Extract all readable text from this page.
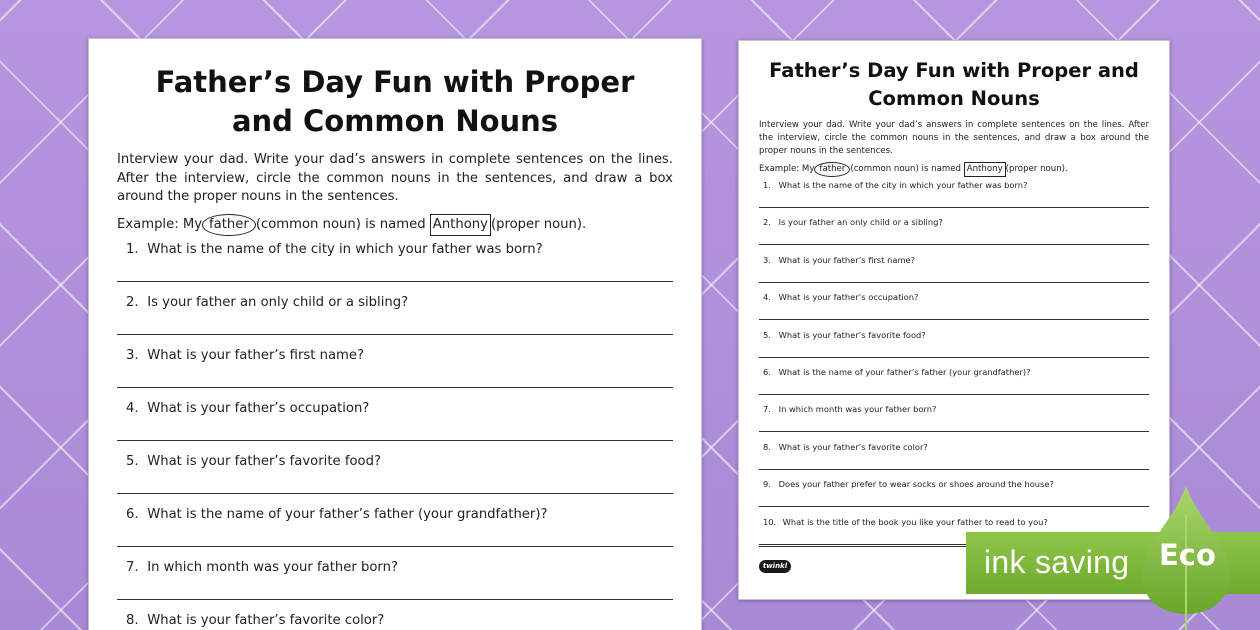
Father’s Day Fun with Proper and Common Nouns

Interview your dad. Write your dad’s answers in complete sentences on the lines. After the interview, circle the common nouns in the sentences, and draw a box around the proper nouns in the sentences.

Example: My father (common noun) is named Anthony (proper noun).

1. What is the name of the city in which your father was born?
2. Is your father an only child or a sibling?
3. What is your father’s first name?
4. What is your father’s occupation?
5. What is your father’s favorite food?
6. What is the name of your father’s father (your grandfather)?
7. In which month was your father born?
8. What is your father’s favorite color?
Father’s Day Fun with Proper and Common Nouns

Interview your dad. Write your dad’s answers in complete sentences on the lines. After the interview, circle the common nouns in the sentences, and draw a box around the proper nouns in the sentences.

Example: My father (common noun) is named Anthony (proper noun).

1. What is the name of the city in which your father was born?
2. Is your father an only child or a sibling?
3. What is your father’s first name?
4. What is your father’s occupation?
5. What is your father’s favorite food?
6. What is the name of your father’s father (your grandfather)?
7. In which month was your father born?
8. What is your father’s favorite color?
9. Does your father prefer to wear socks or shoes around the house?
10. What is the title of the book you like your father to read to you?
twinkl	ink saving Eco
